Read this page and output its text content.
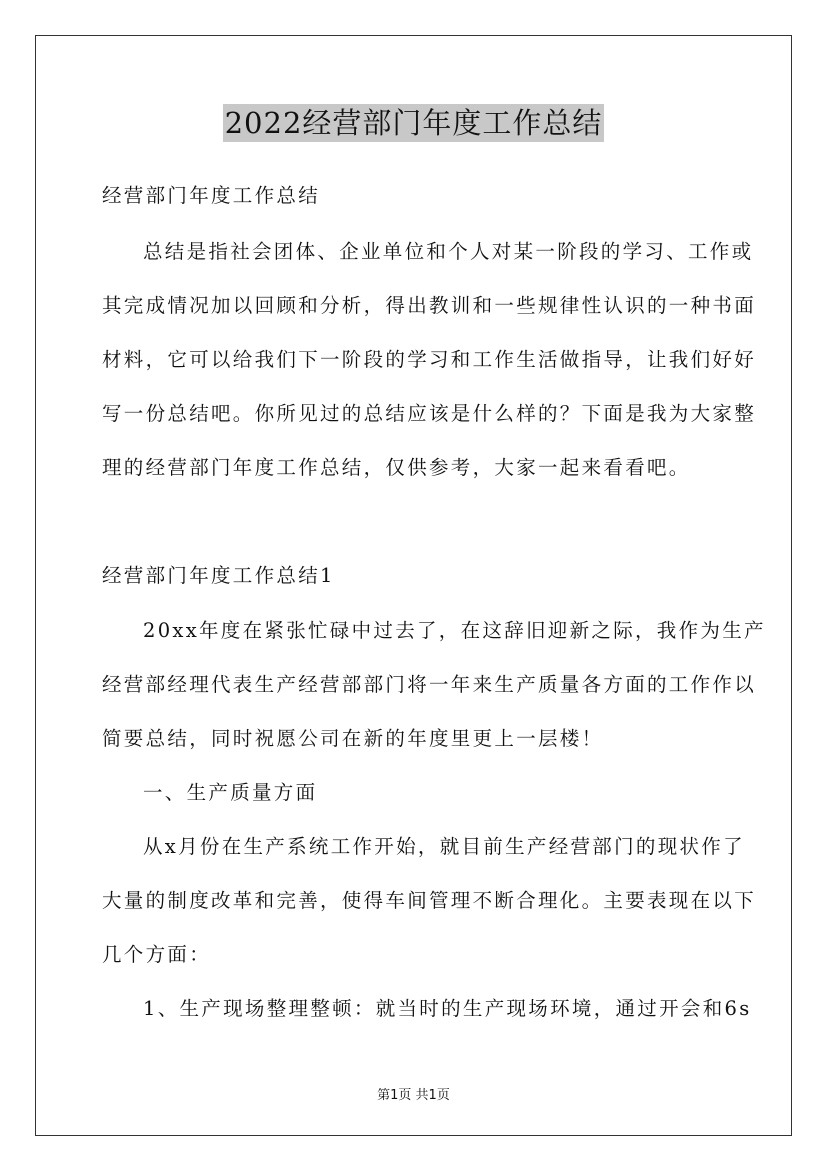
2022经营部门年度工作总结
经营部门年度工作总结
总结是指社会团体、企业单位和个人对某一阶段的学习、工作或
其完成情况加以回顾和分析，得出教训和一些规律性认识的一种书面
材料，它可以给我们下一阶段的学习和工作生活做指导，让我们好好
写一份总结吧。你所见过的总结应该是什么样的？下面是我为大家整
理的经营部门年度工作总结，仅供参考，大家一起来看看吧。
经营部门年度工作总结1
20xx年度在紧张忙碌中过去了，在这辞旧迎新之际，我作为生产
经营部经理代表生产经营部部门将一年来生产质量各方面的工作作以
简要总结，同时祝愿公司在新的年度里更上一层楼！
一、生产质量方面
从x月份在生产系统工作开始，就目前生产经营部门的现状作了
大量的制度改革和完善，使得车间管理不断合理化。主要表现在以下
几个方面：
1、生产现场整理整顿：就当时的生产现场环境，通过开会和6s
第1页 共1页
